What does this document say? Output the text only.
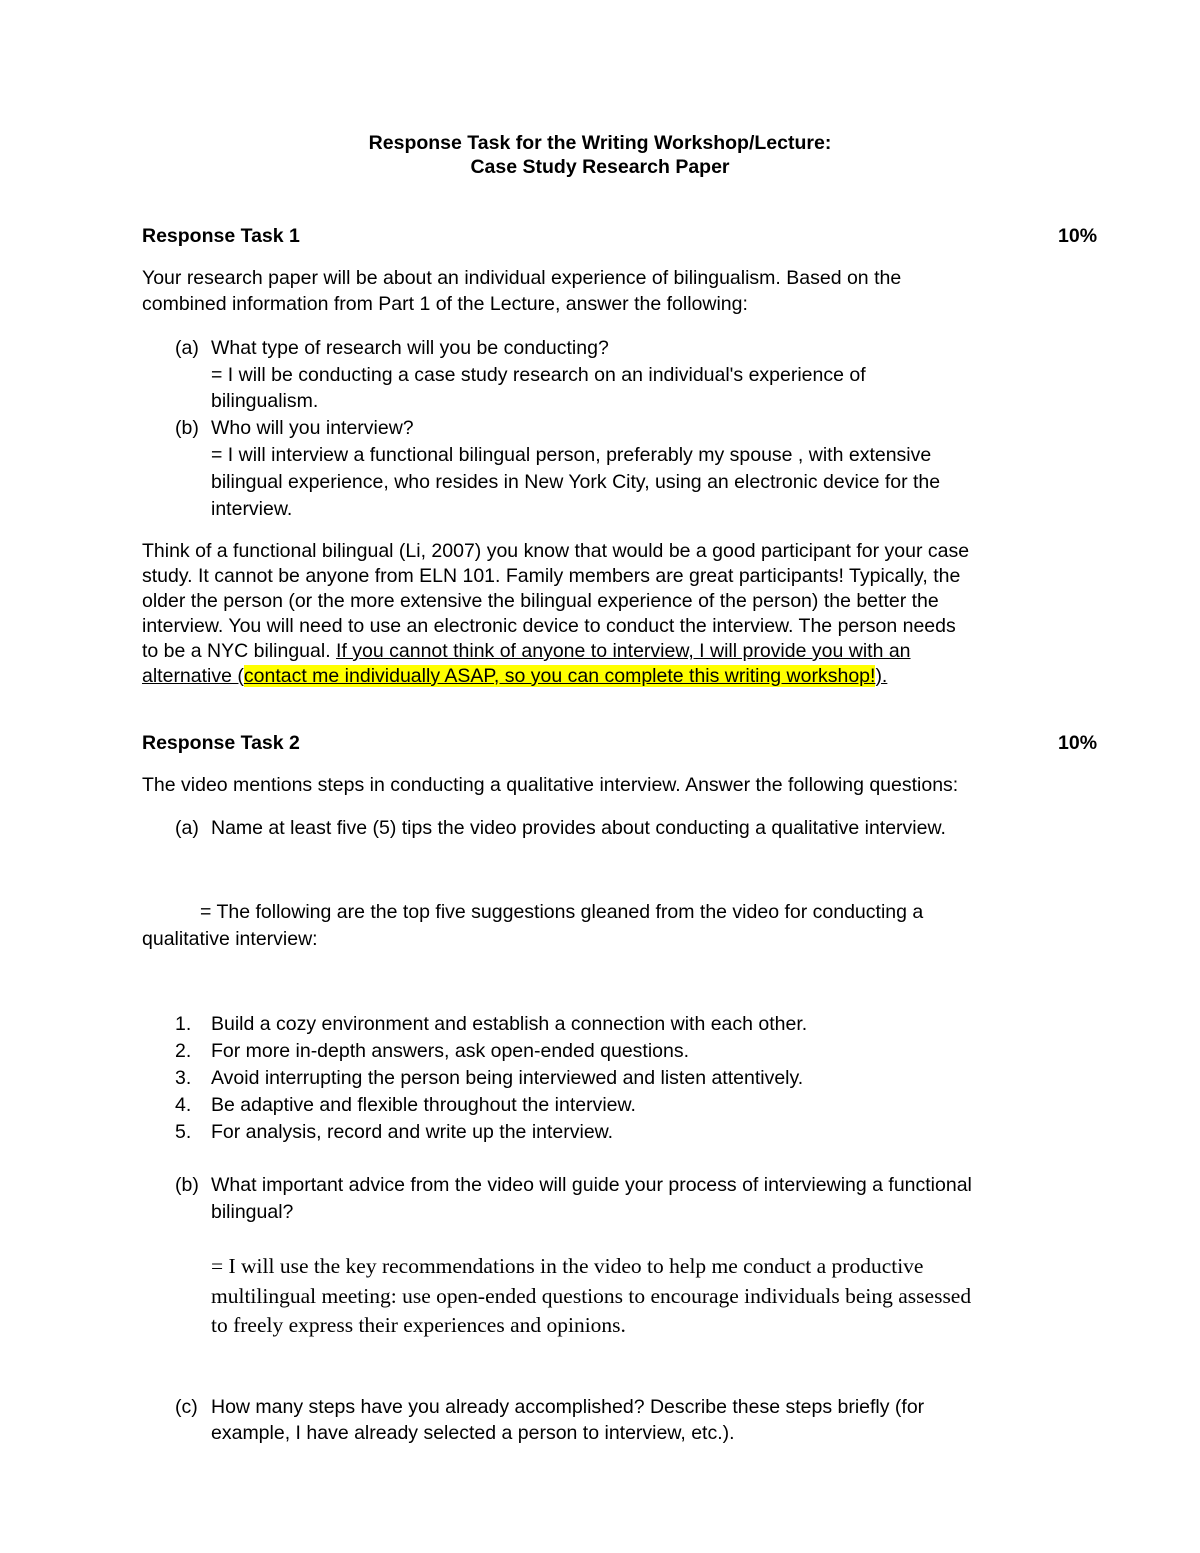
Response Task for the Writing Workshop/Lecture:
Case Study Research Paper
Response Task 1	10%
Your research paper will be about an individual experience of bilingualism. Based on the
combined information from Part 1 of the Lecture, answer the following:
(a) What type of research will you be conducting?
= I will be conducting a case study research on an individual's experience of
bilingualism.
(b) Who will you interview?
= I will interview a functional bilingual person, preferably my spouse , with extensive
bilingual experience, who resides in New York City, using an electronic device for the
interview.
Think of a functional bilingual (Li, 2007) you know that would be a good participant for your case
study. It cannot be anyone from ELN 101. Family members are great participants! Typically, the
older the person (or the more extensive the bilingual experience of the person) the better the
interview. You will need to use an electronic device to conduct the interview. The person needs
to be a NYC bilingual. If you cannot think of anyone to interview, I will provide you with an
alternative (contact me individually ASAP, so you can complete this writing workshop!).
Response Task 2	10%
The video mentions steps in conducting a qualitative interview. Answer the following questions:
(a) Name at least five (5) tips the video provides about conducting a qualitative interview.
= The following are the top five suggestions gleaned from the video for conducting a
qualitative interview:
1. Build a cozy environment and establish a connection with each other.
2. For more in-depth answers, ask open-ended questions.
3. Avoid interrupting the person being interviewed and listen attentively.
4. Be adaptive and flexible throughout the interview.
5. For analysis, record and write up the interview.
(b) What important advice from the video will guide your process of interviewing a functional
bilingual?
= I will use the key recommendations in the video to help me conduct a productive
multilingual meeting: use open-ended questions to encourage individuals being assessed
to freely express their experiences and opinions.
(c) How many steps have you already accomplished? Describe these steps briefly (for
example, I have already selected a person to interview, etc.).
